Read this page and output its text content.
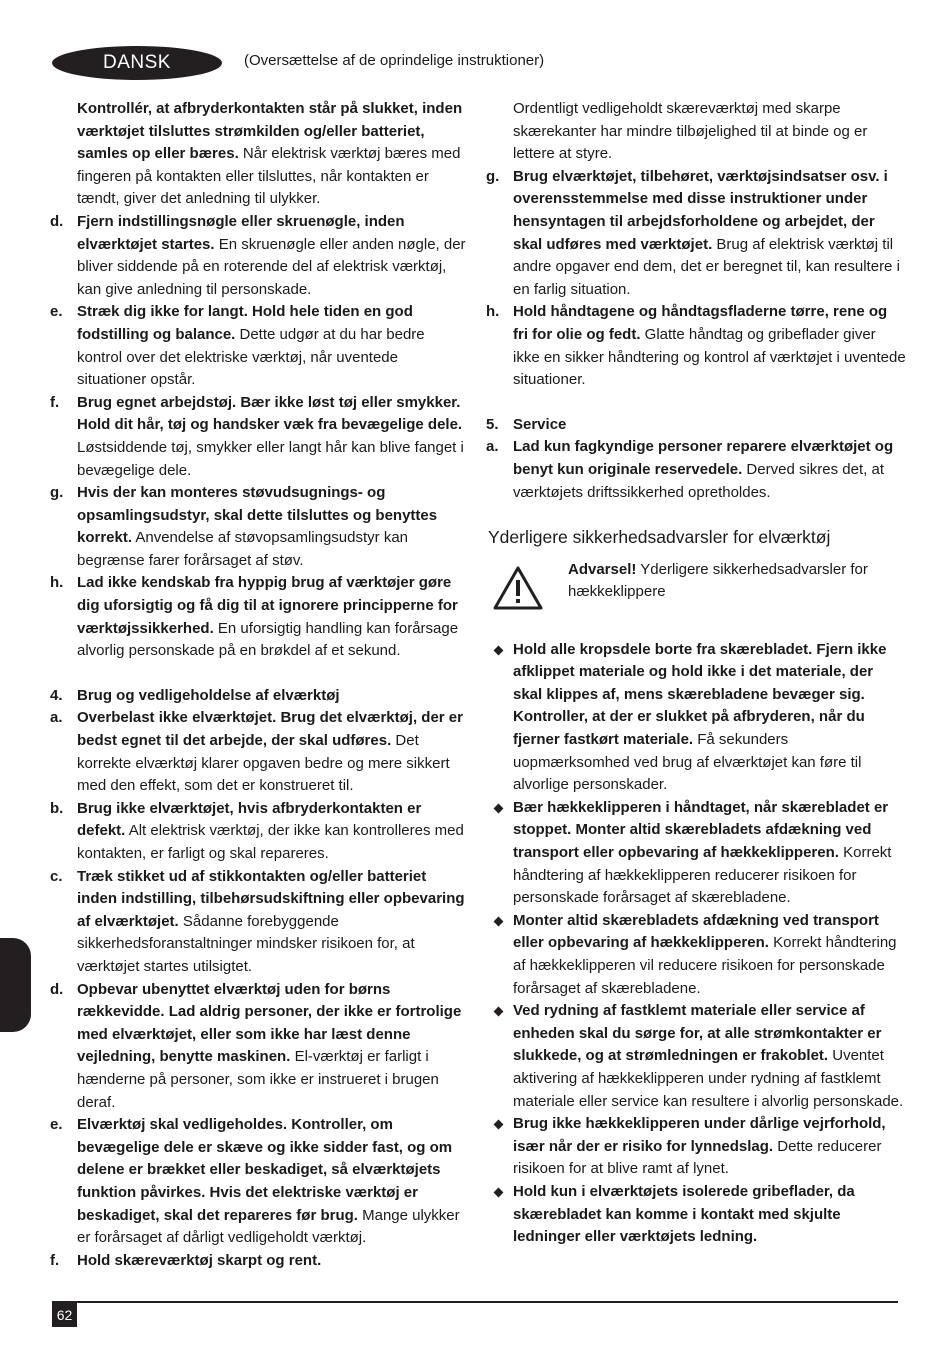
DANSK	(Oversættelse af de oprindelige instruktioner)
Kontrollér, at afbryderkontakten står på slukket, inden værktøjet tilsluttes strømkilden og/eller batteriet, samles op eller bæres. Når elektrisk værktøj bæres med fingeren på kontakten eller tilsluttes, når kontakten er tændt, giver det anledning til ulykker.
d. Fjern indstillingsnøgle eller skruenøgle, inden elværktøjet startes. En skruenøgle eller anden nøgle, der bliver siddende på en roterende del af elektrisk værktøj, kan give anledning til personskade.
e. Stræk dig ikke for langt. Hold hele tiden en god fodstilling og balance. Dette udgør at du har bedre kontrol over det elektriske værktøj, når uventede situationer opstår.
f. Brug egnet arbejdstøj. Bær ikke løst tøj eller smykker. Hold dit hår, tøj og handsker væk fra bevægelige dele. Løstsiddende tøj, smykker eller langt hår kan blive fanget i bevægelige dele.
g. Hvis der kan monteres støvudsugnings- og opsamlingsudstyr, skal dette tilsluttes og benyttes korrekt. Anvendelse af støvopsamlingsudstyr kan begrænse farer forårsaget af støv.
h. Lad ikke kendskab fra hyppig brug af værktøjer gøre dig uforsigtig og få dig til at ignorere principperne for værktøjssikkerhed. En uforsigtig handling kan forårsage alvorlig personskade på en brøkdel af et sekund.
4. Brug og vedligeholdelse af elværktøj
a. Overbelast ikke elværktøjet. Brug det elværktøj, der er bedst egnet til det arbejde, der skal udføres. Det korrekte elværktøj klarer opgaven bedre og mere sikkert med den effekt, som det er konstrueret til.
b. Brug ikke elværktøjet, hvis afbryderkontakten er defekt. Alt elektrisk værktøj, der ikke kan kontrolleres med kontakten, er farligt og skal repareres.
c. Træk stikket ud af stikkontakten og/eller batteriet inden indstilling, tilbehørsudskiftning eller opbevaring af elværktøjet. Sådanne forebyggende sikkerhedsforanstaltninger mindsker risikoen for, at værktøjet startes utilsigtet.
d. Opbevar ubenyttet elværktøj uden for børns rækkevidde. Lad aldrig personer, der ikke er fortrolige med elværktøjet, eller som ikke har læst denne vejledning, benytte maskinen. El-værktøj er farligt i hænderne på personer, som ikke er instrueret i brugen deraf.
e. Elværktøj skal vedligeholdes. Kontroller, om bevægelige dele er skæve og ikke sidder fast, og om delene er brækket eller beskadiget, så elværktøjets funktion påvirkes. Hvis det elektriske værktøj er beskadiget, skal det repareres før brug. Mange ulykker er forårsaget af dårligt vedligeholdt værktøj.
f. Hold skæreværktøj skarpt og rent.
Ordentligt vedligeholdt skæreværktøj med skarpe skærekanter har mindre tilbøjelighed til at binde og er lettere at styre.
g. Brug elværktøjet, tilbehøret, værktøjsindsatser osv. i overensstemmelse med disse instruktioner under hensyntagen til arbejdsforholdene og arbejdet, der skal udføres med værktøjet. Brug af elektrisk værktøj til andre opgaver end dem, det er beregnet til, kan resultere i en farlig situation.
h. Hold håndtagene og håndtagsfladerne tørre, rene og fri for olie og fedt. Glatte håndtag og gribeflader giver ikke en sikker håndtering og kontrol af værktøjet i uventede situationer.
5. Service
a. Lad kun fagkyndige personer reparere elværktøjet og benyt kun originale reservedele. Derved sikres det, at værktøjets driftssikkerhed opretholdes.
Yderligere sikkerhedsadvarsler for elværktøj
Advarsel! Yderligere sikkerhedsadvarsler for hækkeklippere
Hold alle kropsdele borte fra skærebladet. Fjern ikke afklippet materiale og hold ikke i det materiale, der skal klippes af, mens skærebladene bevæger sig. Kontroller, at der er slukket på afbryderen, når du fjerner fastkørt materiale. Få sekunders uopmærksomhed ved brug af elværktøjet kan føre til alvorlige personskader.
Bær hækkeklipperen i håndtaget, når skærebladet er stoppet. Monter altid skærebladets afdækning ved transport eller opbevaring af hækkeklipperen. Korrekt håndtering af hækkeklipperen reducerer risikoen for personskade forårsaget af skærebladene.
Monter altid skærebladets afdækning ved transport eller opbevaring af hækkeklipperen. Korrekt håndtering af hækkeklipperen vil reducere risikoen for personskade forårsaget af skærebladene.
Ved rydning af fastklemt materiale eller service af enheden skal du sørge for, at alle strømkontakter er slukkede, og at strømledningen er frakoblet. Uventet aktivering af hækkeklipperen under rydning af fastklemt materiale eller service kan resultere i alvorlig personskade.
Brug ikke hækkeklipperen under dårlige vejrforhold, især når der er risiko for lynnedslag. Dette reducerer risikoen for at blive ramt af lynet.
Hold kun i elværktøjets isolerede gribeflader, da skærebladet kan komme i kontakt med skjulte ledninger eller værktøjets ledning.
62
